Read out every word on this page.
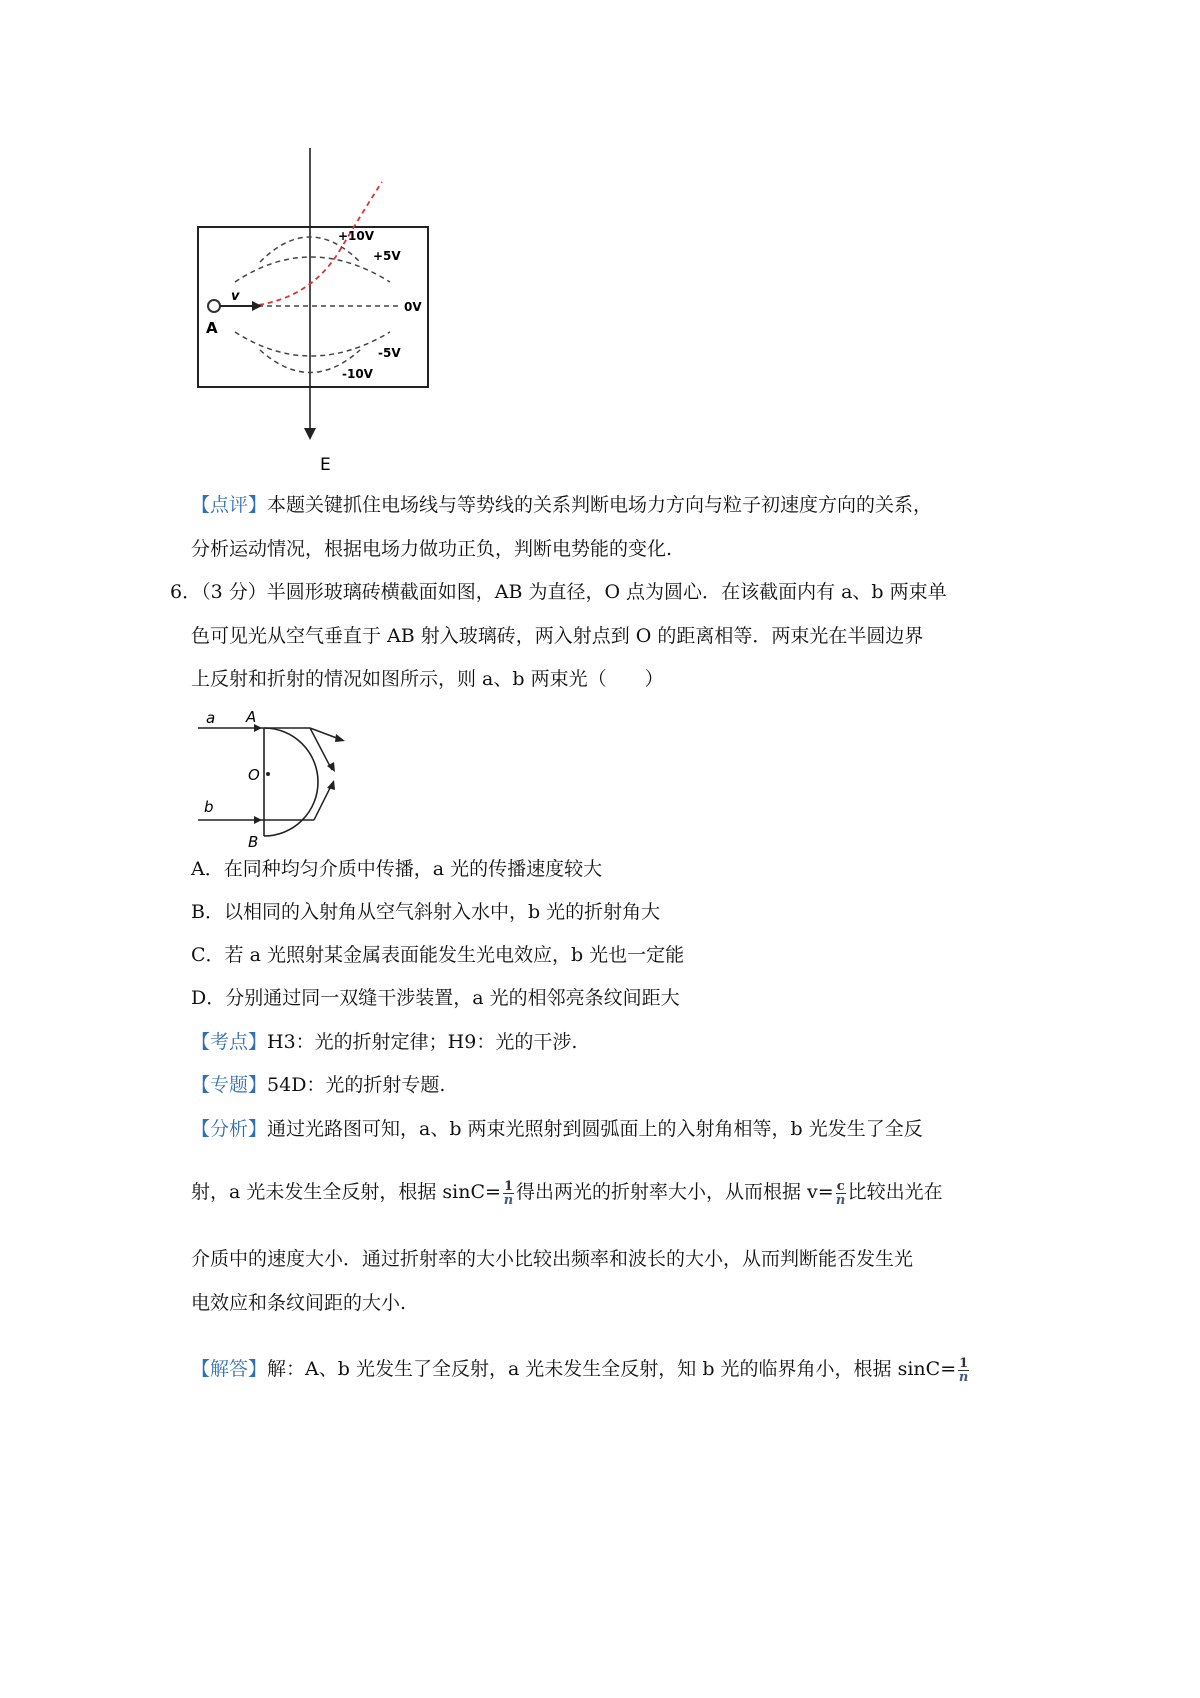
+10V
+5V
0V
-5V
-10V
A
v
E
【点评】本题关键抓住电场线与等势线的关系判断电场力方向与粒子初速度方向的关系，
分析运动情况，根据电场力做功正负，判断电势能的变化.
6．（3 分）半圆形玻璃砖横截面如图，AB 为直径，O 点为圆心．在该截面内有 a、b 两束单
色可见光从空气垂直于 AB 射入玻璃砖，两入射点到 O 的距离相等．两束光在半圆边界
上反射和折射的情况如图所示，则 a、b 两束光（　　）
a A
O
b
B
A．在同种均匀介质中传播，a 光的传播速度较大
B．以相同的入射角从空气斜射入水中，b 光的折射角大
C．若 a 光照射某金属表面能发生光电效应，b 光也一定能
D．分别通过同一双缝干涉装置，a 光的相邻亮条纹间距大
【考点】H3：光的折射定律；H9：光的干涉.
【专题】54D：光的折射专题.
【分析】通过光路图可知，a、b 两束光照射到圆弧面上的入射角相等，b 光发生了全反
射，a 光未发生全反射，根据 $\sin C= \frac{1}{n}$ 得出两光的折射率大小，从而根据 $v= \frac{c}{n}$ 比较出光在
介质中的速度大小．通过折射率的大小比较出频率和波长的大小，从而判断能否发生光
电效应和条纹间距的大小.
【解答】解：A、b 光发生了全反射，a 光未发生全反射，知 b 光的临界角小，根据 $\sin C= \frac{1}{n}$
